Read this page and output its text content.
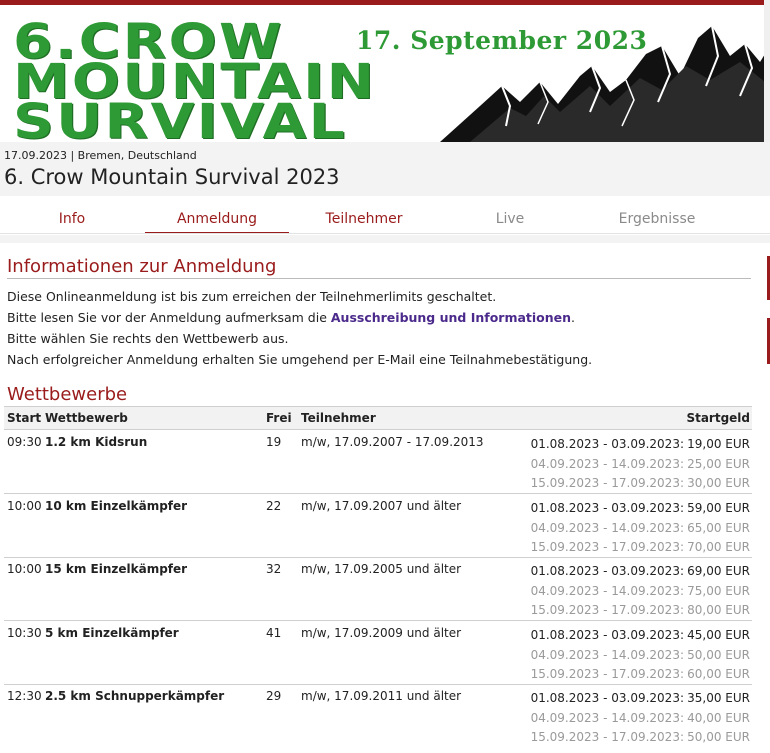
6.CROW
MOUNTAIN
SURVIVAL
17. September 2023
17.09.2023 | Bremen, Deutschland
6. Crow Mountain Survival 2023
Info	Anmeldung	Teilnehmer	Live	Ergebnisse
Informationen zur Anmeldung
Diese Onlineanmeldung ist bis zum erreichen der Teilnehmerlimits geschaltet.
Bitte lesen Sie vor der Anmeldung aufmerksam die Ausschreibung und Informationen.
Bitte wählen Sie rechts den Wettbewerb aus.
Nach erfolgreicher Anmeldung erhalten Sie umgehend per E-Mail eine Teilnahmebestätigung.
Wettbewerbe
Start Wettbewerb	Frei Teilnehmer	Startgeld
09:30 1.2 km Kidsrun	19 m/w, 17.09.2007 - 17.09.2013	01.08.2023 - 03.09.2023: 19,00 EUR
04.09.2023 - 14.09.2023: 25,00 EUR
15.09.2023 - 17.09.2023: 30,00 EUR
10:00 10 km Einzelkämpfer	22 m/w, 17.09.2007 und älter	01.08.2023 - 03.09.2023: 59,00 EUR
04.09.2023 - 14.09.2023: 65,00 EUR
15.09.2023 - 17.09.2023: 70,00 EUR
10:00 15 km Einzelkämpfer	32 m/w, 17.09.2005 und älter	01.08.2023 - 03.09.2023: 69,00 EUR
04.09.2023 - 14.09.2023: 75,00 EUR
15.09.2023 - 17.09.2023: 80,00 EUR
10:30 5 km Einzelkämpfer	41 m/w, 17.09.2009 und älter	01.08.2023 - 03.09.2023: 45,00 EUR
04.09.2023 - 14.09.2023: 50,00 EUR
15.09.2023 - 17.09.2023: 60,00 EUR
12:30 2.5 km Schnupperkämpfer	29 m/w, 17.09.2011 und älter	01.08.2023 - 03.09.2023: 35,00 EUR
04.09.2023 - 14.09.2023: 40,00 EUR
15.09.2023 - 17.09.2023: 50,00 EUR
